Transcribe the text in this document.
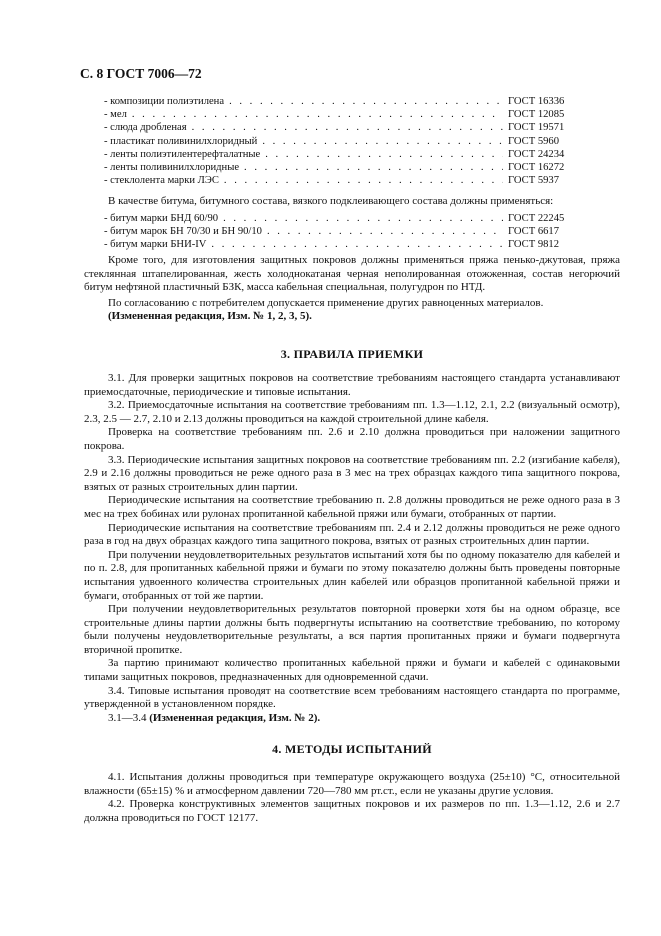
С. 8 ГОСТ 7006—72
- композиции полиэтилена . . .	ГОСТ 16336
- мел . . .	ГОСТ 12085
- слюда дробленая . . .	ГОСТ 19571
- пластикат поливинилхлоридный . . .	ГОСТ 5960
- ленты полиэтилентерефталатные . . .	ГОСТ 24234
- ленты поливинилхлоридные . . .	ГОСТ 16272
- стеклолента марки ЛЭС . . .	ГОСТ 5937

В качестве битума, битумного состава, вязкого подклеивающего состава должны применяться:

- битум марки БНД 60/90 . . .	ГОСТ 22245
- битум марок БН 70/30 и БН 90/10 . . .	ГОСТ 6617
- битум марки БНИ-IV . . .	ГОСТ 9812

Кроме того, для изготовления защитных покровов должны применяться пряжа пенько-джутовая, пряжа стеклянная штапелированная, жесть холоднокатаная черная неполированная отожженная, состав негорючий битум нефтяной пластичный БЗК, масса кабельная специальная, полугудрон по НТД.

По согласованию с потребителем допускается применение других равноценных материалов.

(Измененная редакция, Изм. № 1, 2, 3, 5).

3. ПРАВИЛА ПРИЕМКИ

3.1. Для проверки защитных покровов на соответствие требованиям настоящего стандарта устанавливают приемосдаточные, периодические и типовые испытания.

3.2. Приемосдаточные испытания на соответствие требованиям пп. 1.3—1.12, 2.1, 2.2 (визуальный осмотр), 2.3, 2.5 — 2.7, 2.10 и 2.13 должны проводиться на каждой строительной длине кабеля.

Проверка на соответствие требованиям пп. 2.6 и 2.10 должна проводиться при наложении защитного покрова.

3.3. Периодические испытания защитных покровов на соответствие требованиям пп. 2.2 (изгибание кабеля), 2.9 и 2.16 должны проводиться не реже одного раза в 3 мес на трех образцах каждого типа защитного покрова, взятых от разных строительных длин партии.

Периодические испытания на соответствие требованию п. 2.8 должны проводиться не реже одного раза в 3 мес на трех бобинах или рулонах пропитанной кабельной пряжи или бумаги, отобранных от партии.

Периодические испытания на соответствие требованиям пп. 2.4 и 2.12 должны проводиться не реже одного раза в год на двух образцах каждого типа защитного покрова, взятых от разных строительных длин партии.

При получении неудовлетворительных результатов испытаний хотя бы по одному показателю для кабелей и по п. 2.8, для пропитанных кабельной пряжи и бумаги по этому показателю должны быть проведены повторные испытания удвоенного количества строительных длин кабелей или образцов пропитанной кабельной пряжи и бумаги, отобранных от той же партии.

При получении неудовлетворительных результатов повторной проверки хотя бы на одном образце, все строительные длины партии должны быть подвергнуты испытанию на соответствие требованию, по которому были получены неудовлетворительные результаты, а вся партия пропитанных пряжи и бумаги подвергнута вторичной пропитке.

За партию принимают количество пропитанных кабельной пряжи и бумаги и кабелей с одинаковыми типами защитных покровов, предназначенных для одновременной сдачи.

3.4. Типовые испытания проводят на соответствие всем требованиям настоящего стандарта по программе, утвержденной в установленном порядке.

3.1—3.4 (Измененная редакция, Изм. № 2).

4. МЕТОДЫ ИСПЫТАНИЙ

4.1. Испытания должны проводиться при температуре окружающего воздуха (25±10) °С, относительной влажности (65±15) % и атмосферном давлении 720—780 мм рт.ст., если не указаны другие условия.

4.2. Проверка конструктивных элементов защитных покровов и их размеров по пп. 1.3—1.12, 2.6 и 2.7 должна проводиться по ГОСТ 12177.
